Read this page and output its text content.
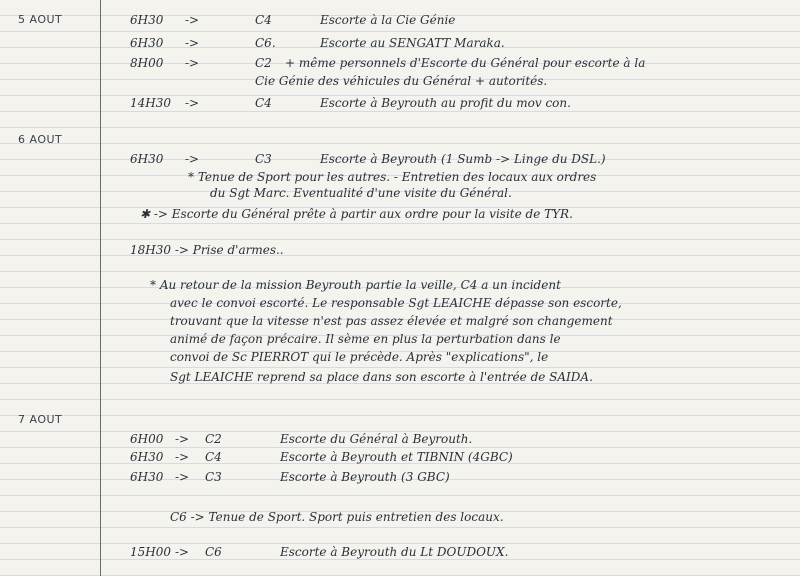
5 AOUT
6 AOUT
7 AOUT
6H30 ->	C4	Escorte à la Cie Génie
6H30 ->	C6.	Escorte au SENGATT Maraka.
8H00 ->	C2 + même personnels d'Escorte du Général pour escorte à la
Cie Génie des véhicules du Général + autorités.
14H30 ->	C4	Escorte à Beyrouth au profit du mov con.
6H30 ->	C3	Escorte à Beyrouth (1 Sumb -> Linge du DSL.)
* Tenue de Sport pour les autres. - Entretien des locaux aux ordres
du Sgt Marc. Eventualité d'une visite du Général.
✱ -> Escorte du Général prête à partir aux ordre pour la visite de TYR.
18H30 -> Prise d'armes..
* Au retour de la mission Beyrouth partie la veille, C4 a un incident
avec le convoi escorté. Le responsable Sgt LEAICHE dépasse son escorte,
trouvant que la vitesse n'est pas assez élevée et malgré son changement
animé de façon précaire. Il sème en plus la perturbation dans le
convoi de Sc PIERROT qui le précède. Après "explications", le
Sgt LEAICHE reprend sa place dans son escorte à l'entrée de SAIDA.
6H00 -> C2	Escorte du Général à Beyrouth.
6H30 -> C4	Escorte à Beyrouth et TIBNIN (4GBC)
6H30 -> C3	Escorte à Beyrouth (3 GBC)
C6 -> Tenue de Sport. Sport puis entretien des locaux.
15H00 -> C6	Escorte à Beyrouth du Lt DOUDOUX.
